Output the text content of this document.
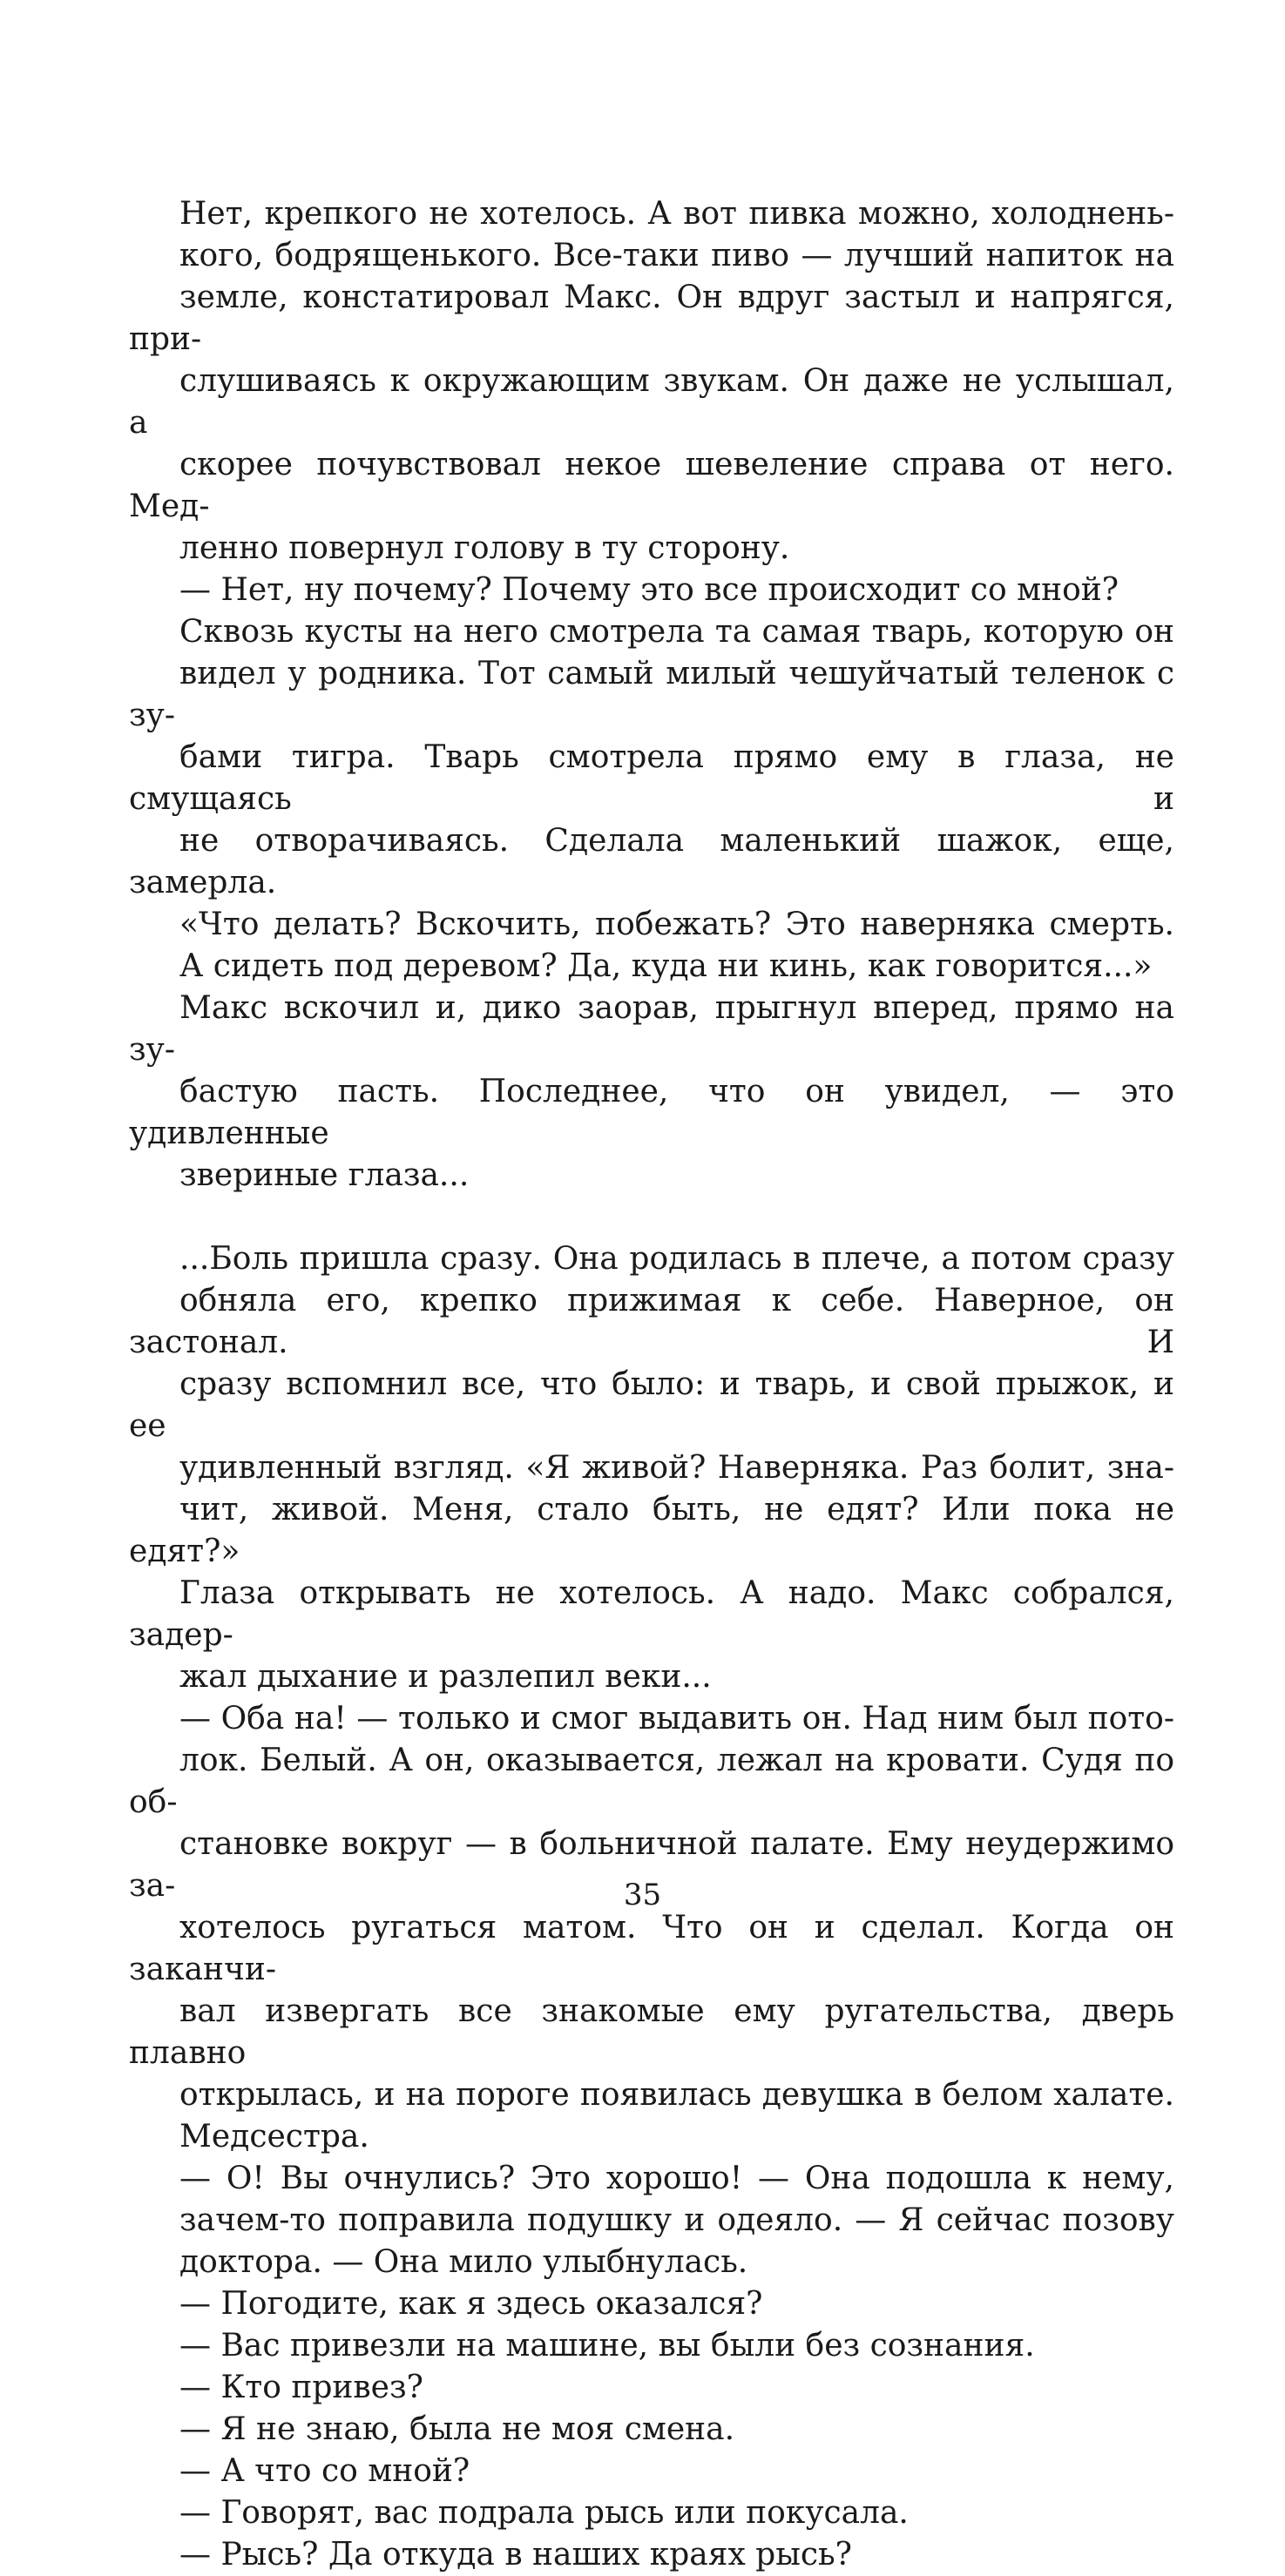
Нет, крепкого не хотелось. А вот пивка можно, холоднень-
кого, бодрященького. Все-таки пиво — лучший напиток на
земле, констатировал Макс. Он вдруг застыл и напрягся, при-
слушиваясь к окружающим звукам. Он даже не услышал, а
скорее почувствовал некое шевеление справа от него. Мед-
ленно повернул голову в ту сторону.
— Нет, ну почему? Почему это все происходит со мной?
Сквозь кусты на него смотрела та самая тварь, которую он
видел у родника. Тот самый милый чешуйчатый теленок с зу-
бами тигра. Тварь смотрела прямо ему в глаза, не смущаясь и
не отворачиваясь. Сделала маленький шажок, еще, замерла.
«Что делать? Вскочить, побежать? Это наверняка смерть.
А сидеть под деревом? Да, куда ни кинь, как говорится...»
Макс вскочил и, дико заорав, прыгнул вперед, прямо на зу-
бастую пасть. Последнее, что он увидел, — это удивленные
звериные глаза...
...Боль пришла сразу. Она родилась в плече, а потом сразу
обняла его, крепко прижимая к себе. Наверное, он застонал. И
сразу вспомнил все, что было: и тварь, и свой прыжок, и ее
удивленный взгляд. «Я живой? Наверняка. Раз болит, зна-
чит, живой. Меня, стало быть, не едят? Или пока не едят?»
Глаза открывать не хотелось. А надо. Макс собрался, задер-
жал дыхание и разлепил веки...
— Оба на! — только и смог выдавить он. Над ним был пото-
лок. Белый. А он, оказывается, лежал на кровати. Судя по об-
становке вокруг — в больничной палате. Ему неудержимо за-
хотелось ругаться матом. Что он и сделал. Когда он заканчи-
вал извергать все знакомые ему ругательства, дверь плавно
открылась, и на пороге появилась девушка в белом халате.
Медсестра.
— О! Вы очнулись? Это хорошо! — Она подошла к нему,
зачем-то поправила подушку и одеяло. — Я сейчас позову
доктора. — Она мило улыбнулась.
— Погодите, как я здесь оказался?
— Вас привезли на машине, вы были без сознания.
— Кто привез?
— Я не знаю, была не моя смена.
— А что со мной?
— Говорят, вас подрала рысь или покусала.
— Рысь? Да откуда в наших краях рысь?
35
